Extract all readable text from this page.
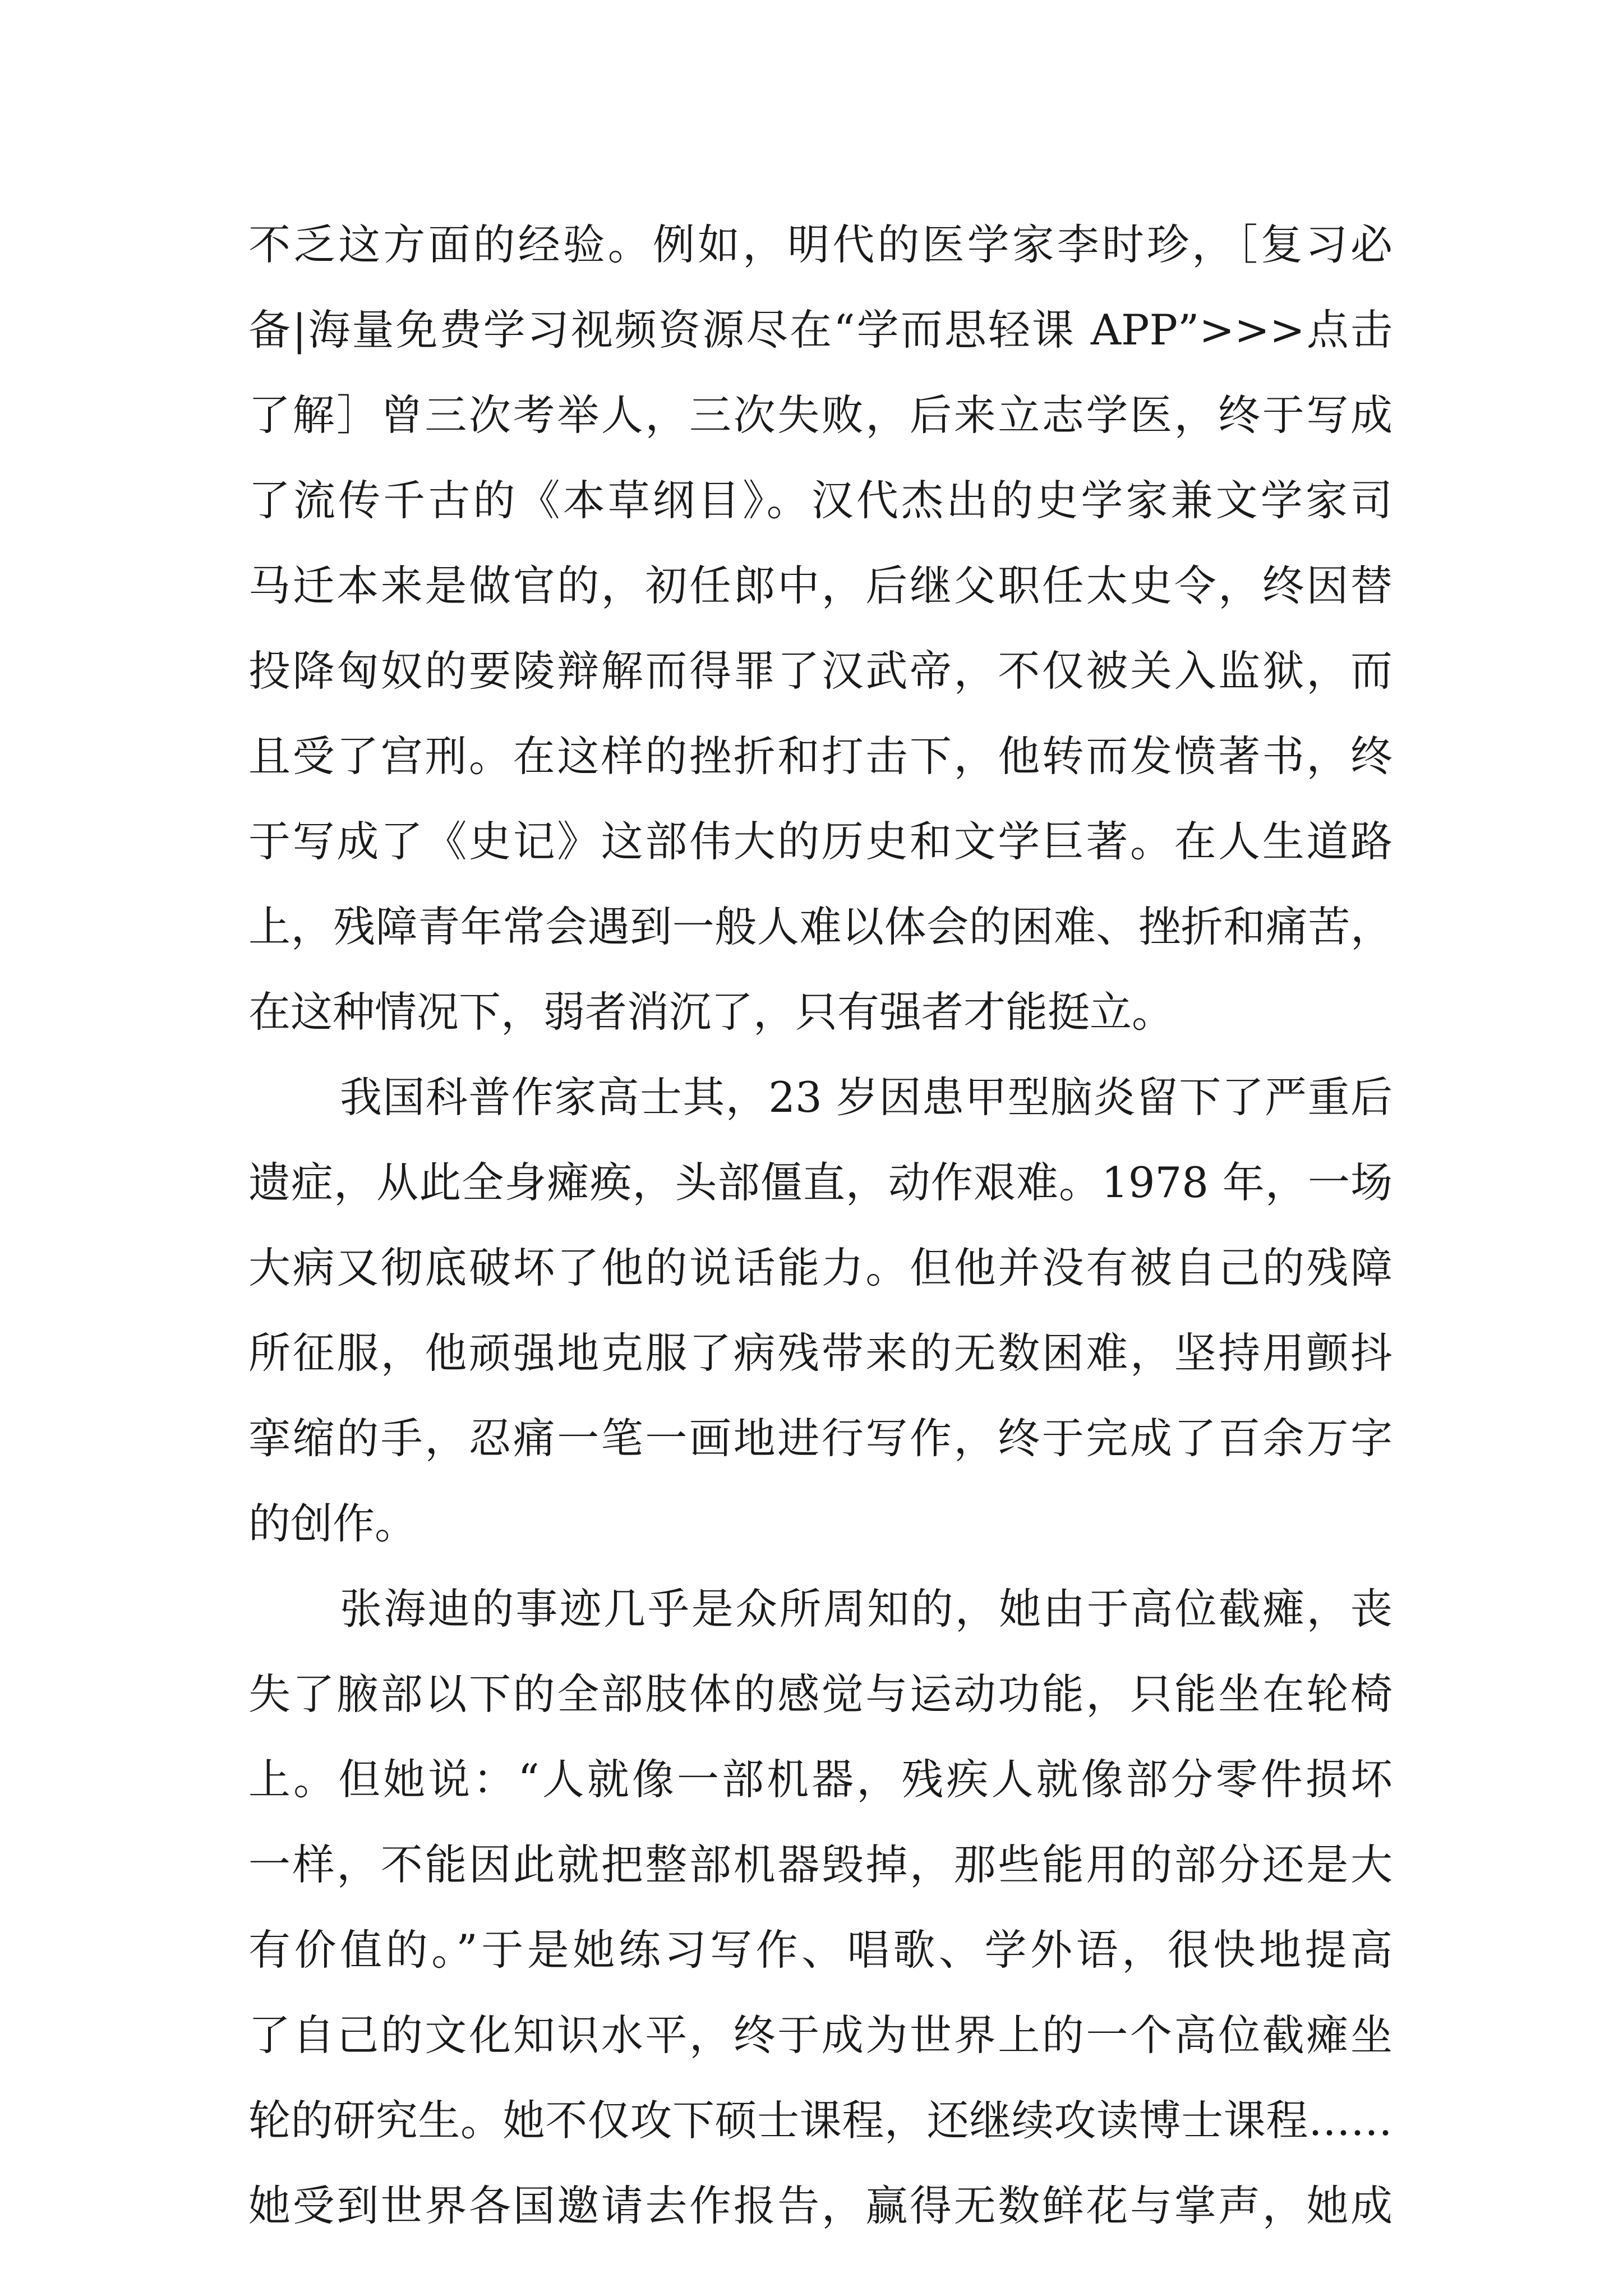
不乏这方面的经验。例如，明代的医学家李时珍，［复习必
备|海量免费学习视频资源尽在“学而思轻课 APP”>>>点击
了解］曾三次考举人，三次失败，后来立志学医，终于写成
了流传千古的《本草纲目》。汉代杰出的史学家兼文学家司
马迁本来是做官的，初任郎中，后继父职任太史令，终因替
投降匈奴的要陵辩解而得罪了汉武帝，不仅被关入监狱，而
且受了宫刑。在这样的挫折和打击下，他转而发愤著书，终
于写成了《史记》这部伟大的历史和文学巨著。在人生道路
上，残障青年常会遇到一般人难以体会的困难、挫折和痛苦，
在这种情况下，弱者消沉了，只有强者才能挺立。
我国科普作家高士其，23 岁因患甲型脑炎留下了严重后
遗症，从此全身瘫痪，头部僵直，动作艰难。1978 年，一场
大病又彻底破坏了他的说话能力。但他并没有被自己的残障
所征服，他顽强地克服了病残带来的无数困难，坚持用颤抖
挛缩的手，忍痛一笔一画地进行写作，终于完成了百余万字
的创作。
张海迪的事迹几乎是众所周知的，她由于高位截瘫，丧
失了腋部以下的全部肢体的感觉与运动功能，只能坐在轮椅
上。但她说：“人就像一部机器，残疾人就像部分零件损坏
一样，不能因此就把整部机器毁掉，那些能用的部分还是大
有价值的。”于是她练习写作、唱歌、学外语，很快地提高
了自己的文化知识水平，终于成为世界上的一个高位截瘫坐
轮的研究生。她不仅攻下硕士课程，还继续攻读博士课程……
她受到世界各国邀请去作报告，赢得无数鲜花与掌声，她成
